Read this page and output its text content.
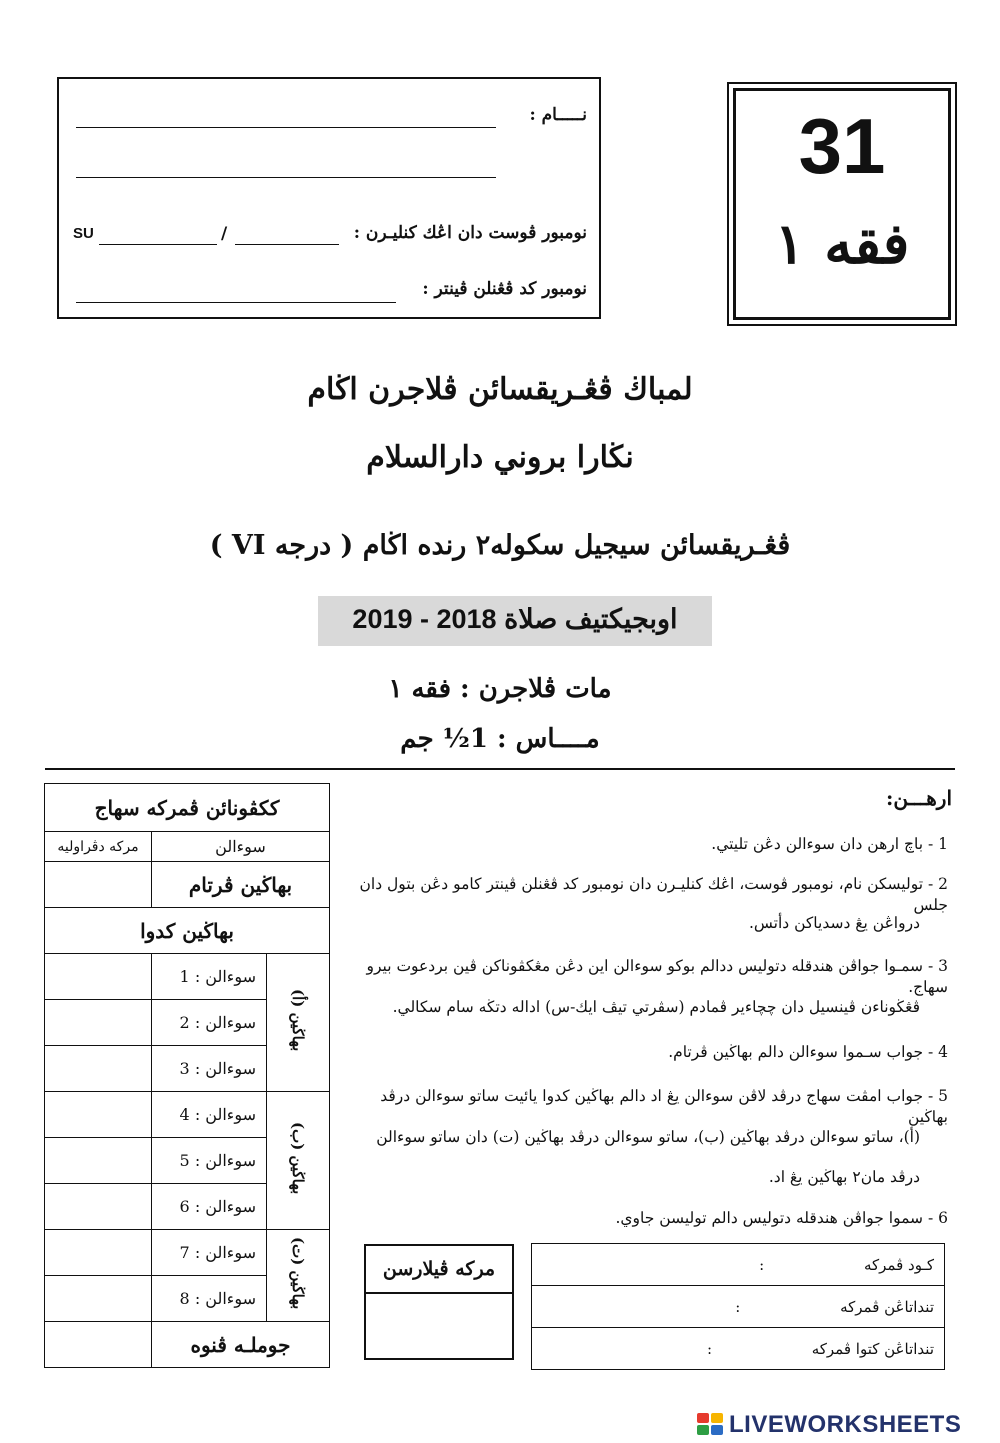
نـــــام :
نومبور ڤوست دان اڠك كنليـرن :
SU	/
نومبور كد ڤڠنلن ڤينتر :
31
فقه ١
لمباڬ ڤڠـريقسائن ڤلاجرن اڬام
نڬارا بروني دارالسلام
ڤڠـريقسائن سيجيل سكوله٢ رنده اڬام ( درجه VI )
اوبجيكتيف صلاة 2018 - 2019
مات ڤلاجرن : فقه ١
مــــاس : 1½ جم
ككڤونائن ڤمركه سهاج		
مركه دڤراوليه	سوءالن	
	بهاڬين ڤرتام	
بهاڬين كدوا		
	سوءالن : 1	بهاڬين (أ)
	سوءالن : 2	
	سوءالن : 3	
	سوءالن : 4	بهاڬين (ب)
	سوءالن : 5	
	سوءالن : 6	
	سوءالن : 7	بهاڬين (ت)
	سوءالن : 8	
	جوملـه ڤنوه	
ارهـــن:
1 - باچ ارهن دان سوءالن دڠن تليتي.
2 - توليسكن نام، نومبور ڤوست، اڠك كنليـرن دان نومبور كد ڤڠنلن ڤينتر كامو دڠن بتول دان جلس
درواڠن يڠ دسدياكن دأتس.
3 - سمـوا جواڤن هندقله دتوليس ددالم بوكو سوءالن اين دڠن مڠكڤوناكن ڤين بردعوت بيرو سهاج.
ڤڠڬوناءن ڤينسيل دان چچاءير ڤمادم (سڤرتي تيڤ ايك-س) اداله دتڬه سام سكالي.
4 - جواب سـموا سوءالن دالم بهاڬين ڤرتام.
5 - جواب امڤت سهاج درڤد لاڤن سوءالن يڠ اد دالم بهاڬين كدوا يائيت ساتو سوءالن درڤد بهاڬين
(أ)، ساتو سوءالن درڤد بهاڬين (ب)، ساتو سوءالن درڤد بهاڬين (ت) دان ساتو سوءالن
درڤد مان٢ بهاڬين يڠ اد.
6 - سموا جواڤن هندقله دتوليس دالم توليسن جاوي.
مركه ڤيلارسن	كـود ڤمركه :
تنداتاڠن ڤمركه :
تنداتاڠن كتوا ڤمركه :
LIVEWORKSHEETS
